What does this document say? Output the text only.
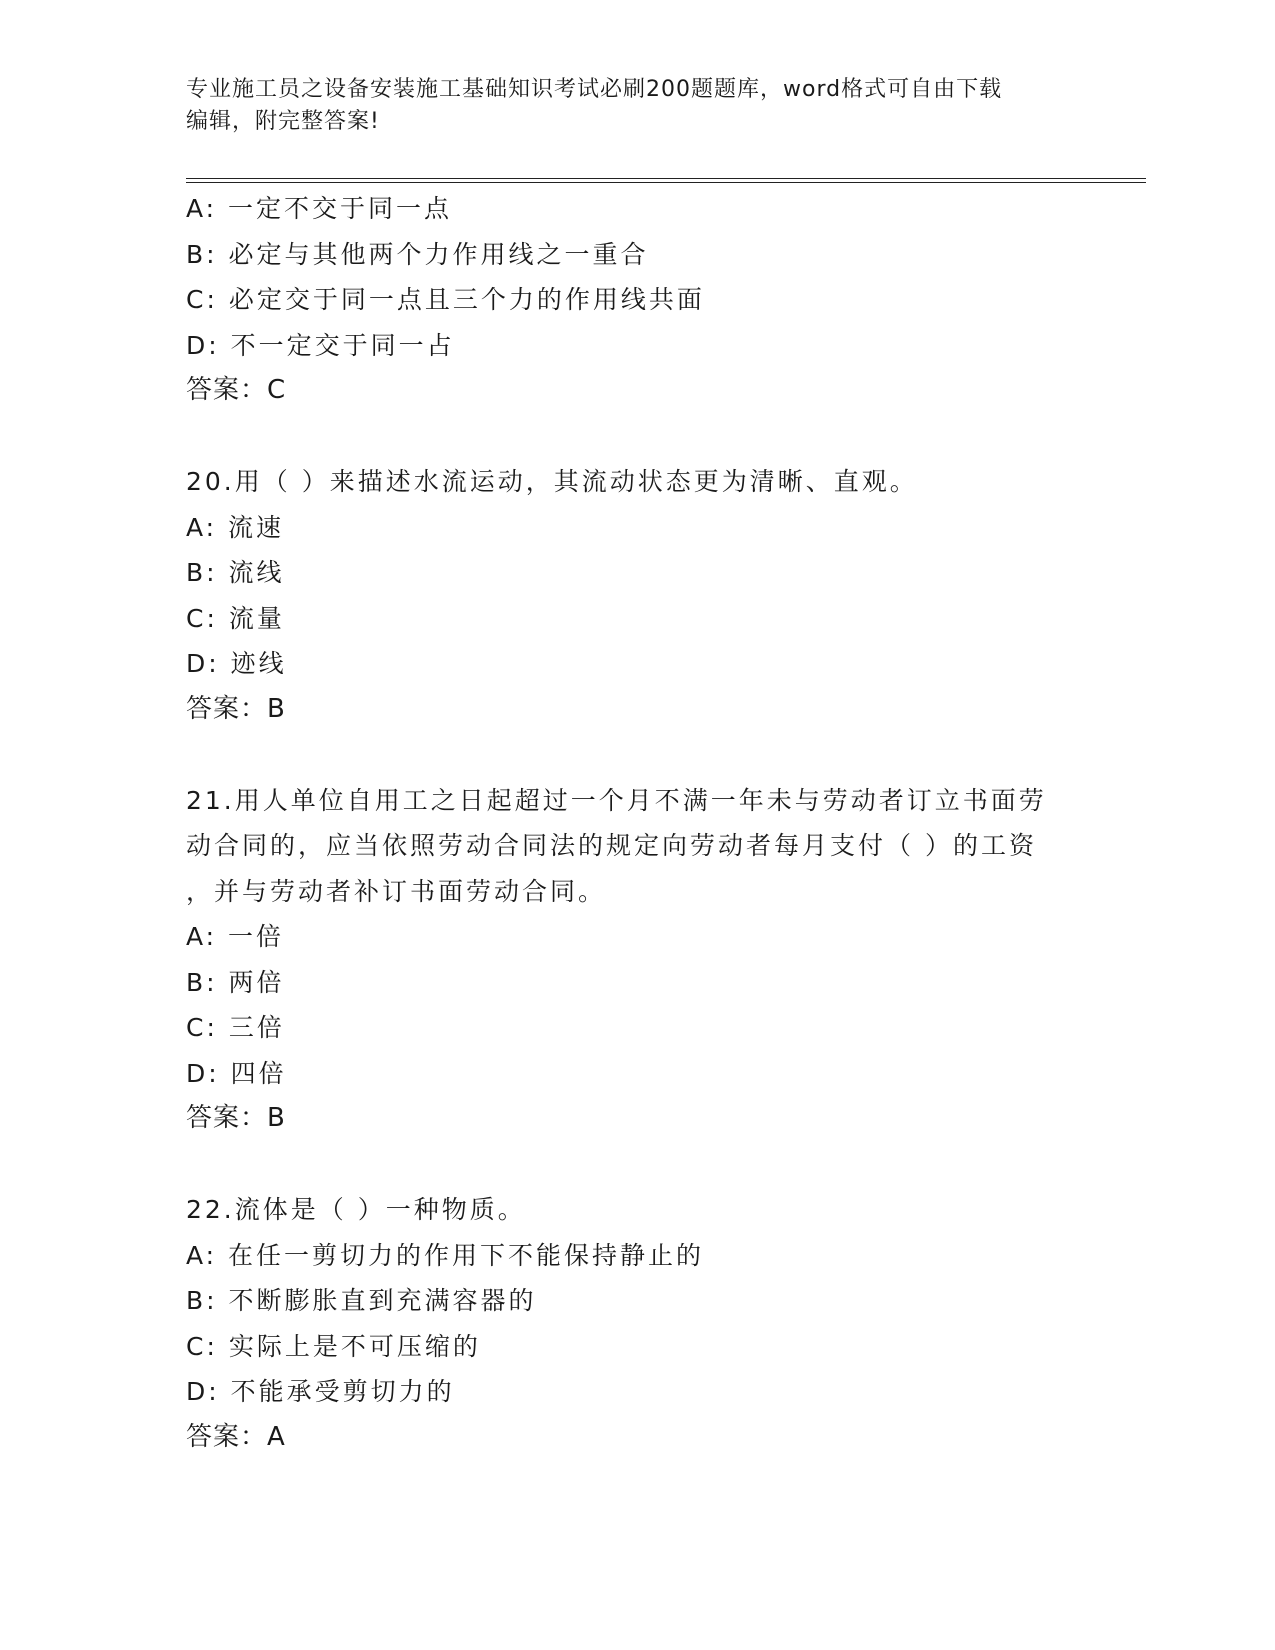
专业施工员之设备安装施工基础知识考试必刷200题题库，word格式可自由下载
编辑，附完整答案!
A: 一定不交于同一点
B: 必定与其他两个力作用线之一重合
C: 必定交于同一点且三个力的作用线共面
D: 不一定交于同一占
答案：C
20.用（ ）来描述水流运动，其流动状态更为清晰、直观。
A: 流速
B: 流线
C: 流量
D: 迹线
答案：B
21.用人单位自用工之日起超过一个月不满一年未与劳动者订立书面劳
动合同的，应当依照劳动合同法的规定向劳动者每月支付（ ）的工资
，并与劳动者补订书面劳动合同。
A: 一倍
B: 两倍
C: 三倍
D: 四倍
答案：B
22.流体是（ ）一种物质。
A: 在任一剪切力的作用下不能保持静止的
B: 不断膨胀直到充满容器的
C: 实际上是不可压缩的
D: 不能承受剪切力的
答案：A
